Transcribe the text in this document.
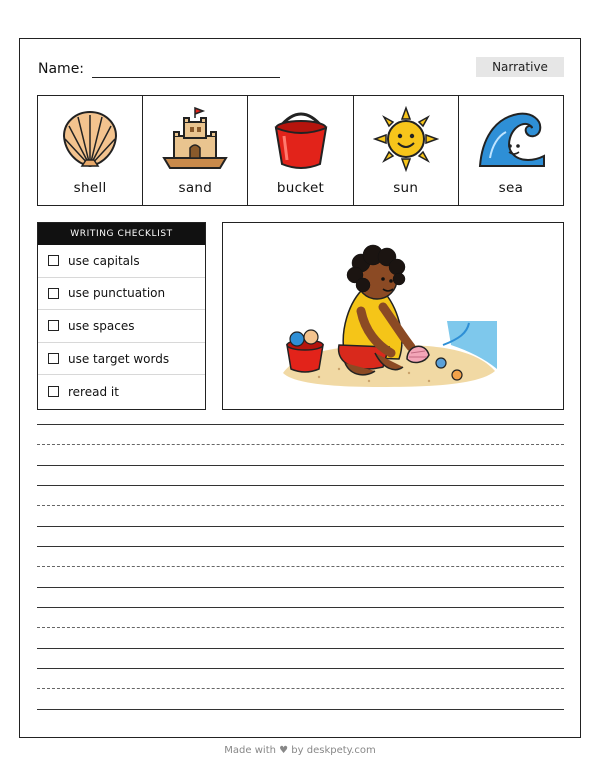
Name:	Narrative
shell	sand	bucket	sun	sea
WRITING CHECKLIST
use capitals
use punctuation
use spaces
use target words
reread it
Made with ♥ by deskpety.com
